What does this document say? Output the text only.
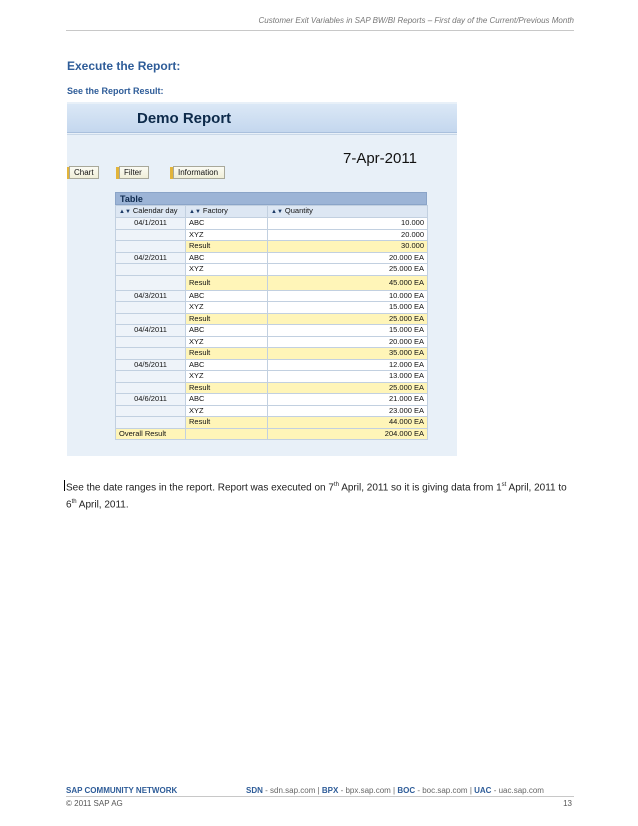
Customer Exit Variables in SAP BW/BI Reports – First day of the Current/Previous Month
Execute the Report:
See the Report Result:
Demo Report
7-Apr-2011
Chart	Filter	Information
Table
▲▼ Calendar day	▲▼ Factory	▲▼ Quantity
04/1/2011	ABC	10.000
	XYZ	20.000
	Result	30.000
04/2/2011	ABC	20.000 EA
	XYZ	25.000 EA
	Result	45.000 EA
04/3/2011	ABC	10.000 EA
	XYZ	15.000 EA
	Result	25.000 EA
04/4/2011	ABC	15.000 EA
	XYZ	20.000 EA
	Result	35.000 EA
04/5/2011	ABC	12.000 EA
	XYZ	13.000 EA
	Result	25.000 EA
04/6/2011	ABC	21.000 EA
	XYZ	23.000 EA
	Result	44.000 EA
Overall Result		204.000 EA
See the date ranges in the report. Report was executed on 7th April, 2011 so it is giving data from 1st April, 2011 to 6th April, 2011.
SAP COMMUNITY NETWORK	SDN - sdn.sap.com | BPX - bpx.sap.com | BOC - boc.sap.com | UAC - uac.sap.com
© 2011 SAP AG	13
